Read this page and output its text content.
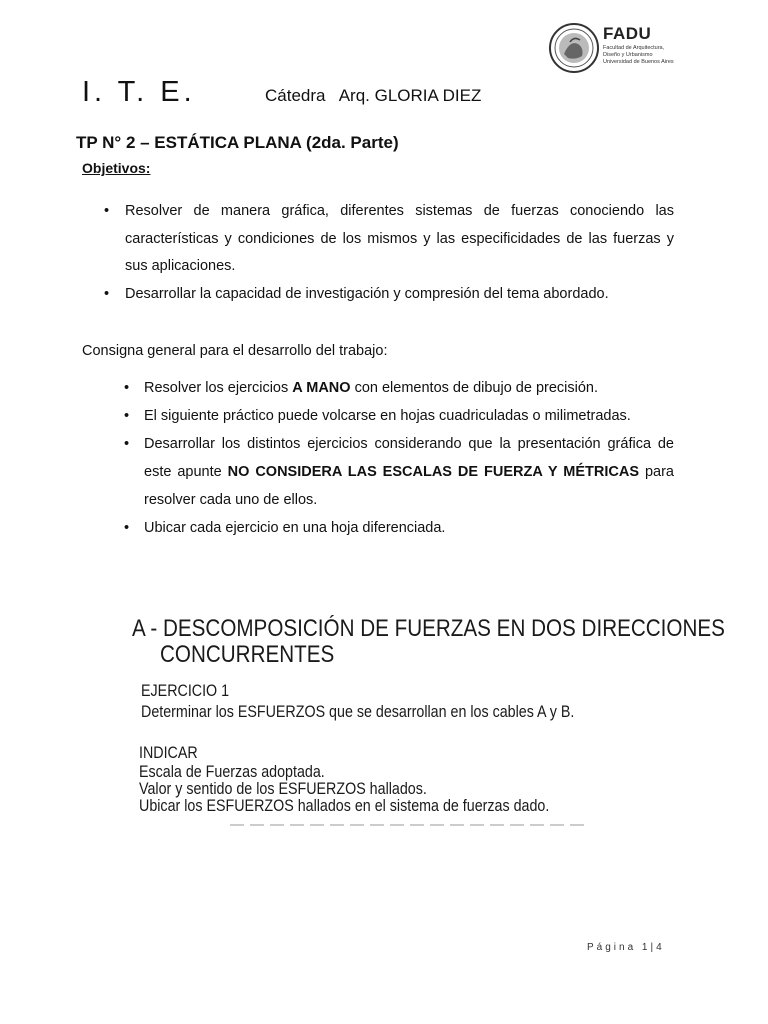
FADU
Facultad de Arquitectura,
Diseño y Urbanismo
Universidad de Buenos Aires
I. T. E.	Cátedra   Arq. GLORIA DIEZ
TP N° 2 – ESTÁTICA PLANA (2da. Parte)
Objetivos:
• Resolver de manera gráfica, diferentes sistemas de fuerzas conociendo las características y condiciones de los mismos y las especificidades de las fuerzas y sus aplicaciones.
• Desarrollar la capacidad de investigación y compresión del tema abordado.
Consigna general para el desarrollo del trabajo:
• Resolver los ejercicios A MANO con elementos de dibujo de precisión.
• El siguiente práctico puede volcarse en hojas cuadriculadas o milimetradas.
• Desarrollar los distintos ejercicios considerando que la presentación gráfica de este apunte NO CONSIDERA LAS ESCALAS DE FUERZA Y MÉTRICAS para resolver cada uno de ellos.
• Ubicar cada ejercicio en una hoja diferenciada.
A - DESCOMPOSICIÓN DE FUERZAS EN DOS DIRECCIONES
CONCURRENTES
EJERCICIO 1
Determinar los ESFUERZOS que se desarrollan en los cables A y B.
INDICAR
Escala de Fuerzas adoptada.
Valor y sentido de los ESFUERZOS hallados.
Ubicar los ESFUERZOS hallados en el sistema de fuerzas dado.
Página 1|4
